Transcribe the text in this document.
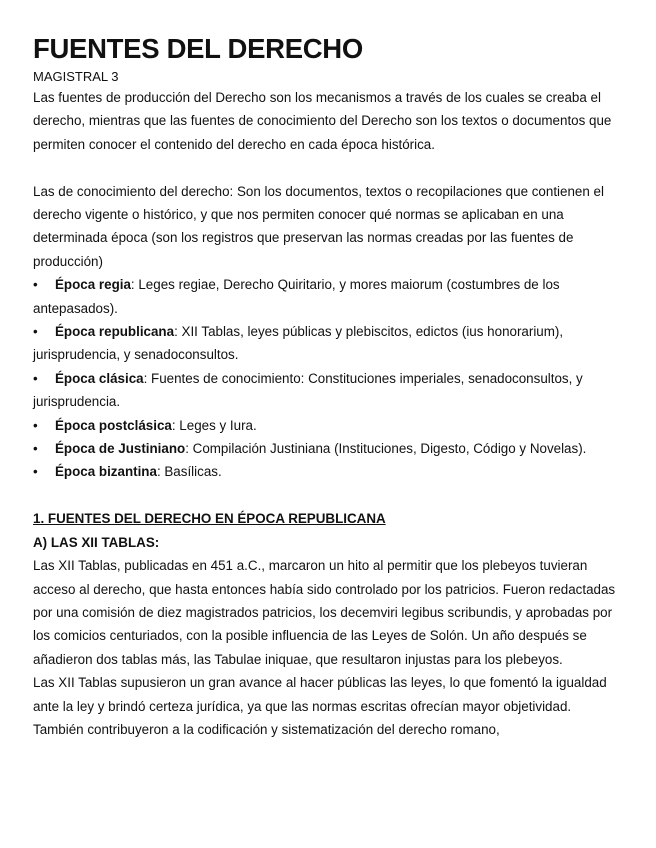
FUENTES DEL DERECHO

MAGISTRAL 3

Las fuentes de producción del Derecho son los mecanismos a través de los cuales se creaba el derecho, mientras que las fuentes de conocimiento del Derecho son los textos o documentos que permiten conocer el contenido del derecho en cada época histórica.

Las de conocimiento del derecho: Son los documentos, textos o recopilaciones que contienen el derecho vigente o histórico, y que nos permiten conocer qué normas se aplicaban en una determinada época (son los registros que preservan las normas creadas por las fuentes de producción)

• Época regia: Leges regiae, Derecho Quiritario, y mores maiorum (costumbres de los antepasados).
• Época republicana: XII Tablas, leyes públicas y plebiscitos, edictos (ius honorarium), jurisprudencia, y senadoconsultos.
• Época clásica: Fuentes de conocimiento: Constituciones imperiales, senadoconsultos, y jurisprudencia.
• Época postclásica: Leges y Iura.
• Época de Justiniano: Compilación Justiniana (Instituciones, Digesto, Código y Novelas).
• Época bizantina: Basílicas.

1. FUENTES DEL DERECHO EN ÉPOCA REPUBLICANA

A) LAS XII TABLAS:

Las XII Tablas, publicadas en 451 a.C., marcaron un hito al permitir que los plebeyos tuvieran acceso al derecho, que hasta entonces había sido controlado por los patricios. Fueron redactadas por una comisión de diez magistrados patricios, los decemviri legibus scribundis, y aprobadas por los comicios centuriados, con la posible influencia de las Leyes de Solón. Un año después se añadieron dos tablas más, las Tabulae iniquae, que resultaron injustas para los plebeyos.

Las XII Tablas supusieron un gran avance al hacer públicas las leyes, lo que fomentó la igualdad ante la ley y brindó certeza jurídica, ya que las normas escritas ofrecían mayor objetividad. También contribuyeron a la codificación y sistematización del derecho romano,
